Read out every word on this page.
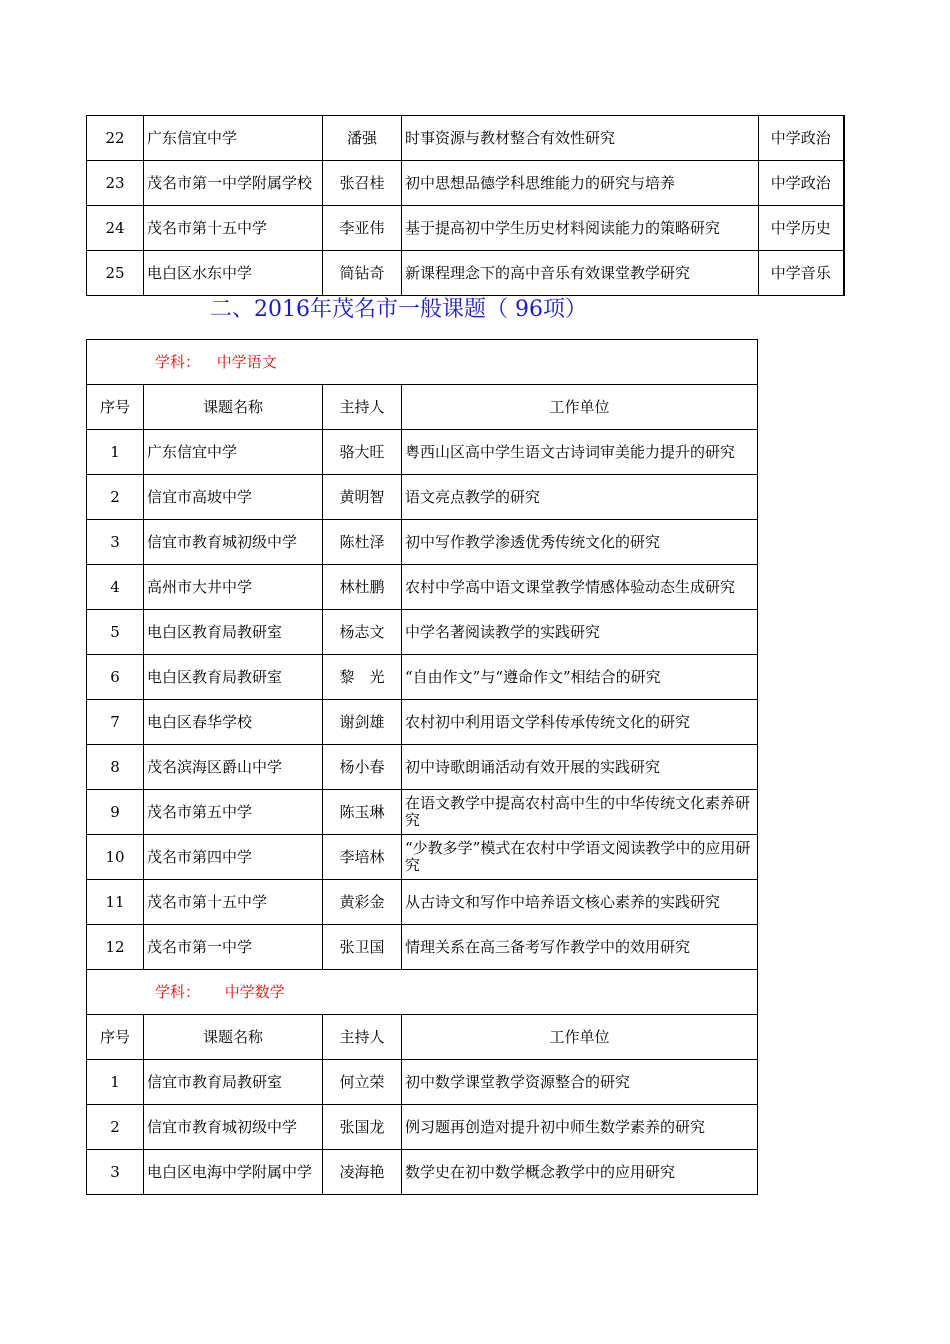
22	广东信宜中学	潘强	时事资源与教材整合有效性研究	中学政治
23	茂名市第一中学附属学校	张召桂	初中思想品德学科思维能力的研究与培养	中学政治
24	茂名市第十五中学	李亚伟	基于提高初中学生历史材料阅读能力的策略研究	中学历史
25	电白区水东中学	简钻奇	新课程理念下的高中音乐有效课堂教学研究	中学音乐
二、2016年茂名市一般课题（ 96项）
学科： 中学语文			
序号	课题名称	主持人	工作单位
1	广东信宜中学	骆大旺	粤西山区高中学生语文古诗词审美能力提升的研究
2	信宜市高坡中学	黄明智	语文亮点教学的研究
3	信宜市教育城初级中学	陈杜泽	初中写作教学渗透优秀传统文化的研究
4	高州市大井中学	林杜鹏	农村中学高中语文课堂教学情感体验动态生成研究
5	电白区教育局教研室	杨志文	中学名著阅读教学的实践研究
6	电白区教育局教研室	黎　光	“自由作文”与“遵命作文”相结合的研究
7	电白区春华学校	谢剑雄	农村初中利用语文学科传承传统文化的研究
8	茂名滨海区爵山中学	杨小春	初中诗歌朗诵活动有效开展的实践研究
9	茂名市第五中学	陈玉琳	在语文教学中提高农村高中生的中华传统文化素养研究
10	茂名市第四中学	李培林	“少教多学”模式在农村中学语文阅读教学中的应用研究
11	茂名市第十五中学	黄彩金	从古诗文和写作中培养语文核心素养的实践研究
12	茂名市第一中学	张卫国	情理关系在高三备考写作教学中的效用研究
学科： 中学数学			
序号	课题名称	主持人	工作单位
1	信宜市教育局教研室	何立荣	初中数学课堂教学资源整合的研究
2	信宜市教育城初级中学	张国龙	例习题再创造对提升初中师生数学素养的研究
3	电白区电海中学附属中学	凌海艳	数学史在初中数学概念教学中的应用研究
